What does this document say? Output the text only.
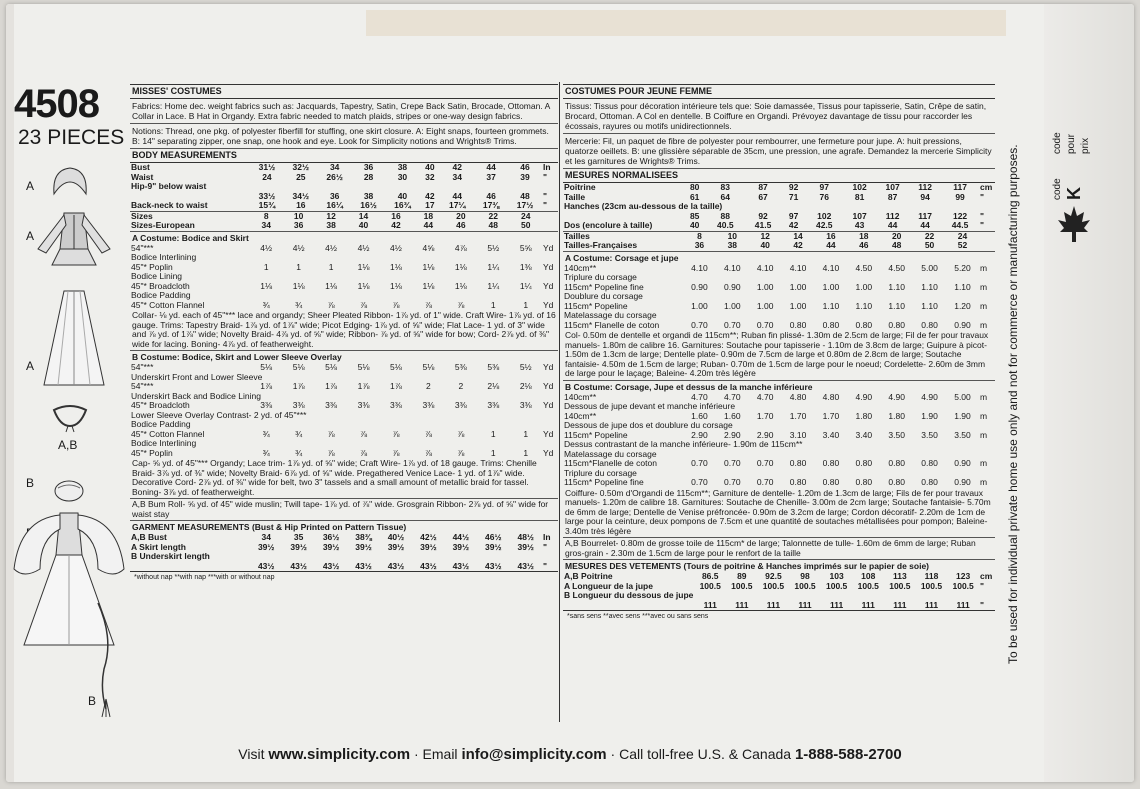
4508
23 PIECES
A
A
A
A,B
B
B
MISSES' COSTUMES
Fabrics: Home dec. weight fabrics such as: Jacquards, Tapestry, Satin, Crepe Back Satin, Brocade, Ottoman. A Collar in Lace. B Hat in Organdy. Extra fabric needed to match plaids, stripes or one-way design fabrics.
Notions: Thread, one pkg. of polyester fiberfill for stuffing, one skirt closure. A: Eight snaps, fourteen grommets. B: 14" separating zipper, one snap, one hook and eye. Look for Simplicity notions and Wrights® Trims.
BODY MEASUREMENTS
Bust	31½	32½	34	36	38	40	42	44	46	In
Waist	24	25	26½	28	30	32	34	37	39	"
Hip-9" below waist										
	33½	34½	36	38	40	42	44	46	48	"
Back-neck to waist	15¾	16	16¼	16½	16¾	17	17¼	17⅜	17½	"
Sizes	8	10	12	14	16	18	20	22	24	
Sizes-European	34	36	38	40	42	44	46	48	50	
A Costume: Bodice and Skirt
54"***	4½	4½	4½	4½	4½	4⅝	4⅞	5½	5⅝	Yd
Bodice Interlining										
45"* Poplin	1	1	1	1⅛	1⅛	1⅛	1⅛	1¼	1⅜	Yd
Bodice Lining										
45"* Broadcloth	1⅛	1⅛	1⅛	1⅛	1⅛	1⅛	1⅛	1¼	1¼	Yd
Bodice Padding										
45"* Cotton Flannel	¾	¾	⅞	⅞	⅞	⅞	⅞	1	1	Yd
Collar- ⅛ yd. each of 45"*** lace and organdy; Sheer Pleated Ribbon- 1⅞ yd. of 1" wide. Craft Wire- 1⅞ yd. of 16 gauge. Trims: Tapestry Braid- 1⅞ yd. of 1⅞" wide; Picot Edging- 1⅞ yd. of ⅝" wide; Flat Lace- 1 yd. of 3" wide and ⅞ yd. of 1⅞" wide; Novelty Braid- 4⅞ yd. of ⅝" wide; Ribbon- ⅞ yd. of ⅝" wide for bow; Cord- 2⅞ yd. of ⅜" wide for lacing. Boning- 4⅞ yd. of featherweight.
B Costume: Bodice, Skirt and Lower Sleeve Overlay
54"***	5⅛	5⅛	5⅛	5⅛	5⅛	5⅛	5⅜	5⅜	5½	Yd
Underskirt Front and Lower Sleeve										
54"***	1⅞	1⅞	1⅞	1⅞	1⅞	2	2	2⅛	2⅛	Yd
Underskirt Back and Bodice Lining										
45"* Broadcloth	3⅜	3⅜	3⅜	3⅜	3⅜	3⅜	3⅜	3⅜	3⅜	Yd
Lower Sleeve Overlay Contrast- 2 yd. of 45"***										
Bodice Padding										
45"* Cotton Flannel	¾	¾	⅞	⅞	⅞	⅞	⅞	1	1	Yd
Bodice Interlining										
45"* Poplin	¾	¾	⅞	⅞	⅞	⅞	⅞	1	1	Yd
Cap- ⅝ yd. of 45"*** Organdy; Lace trim- 1⅞ yd. of ⅝" wide; Craft Wire- 1⅞ yd. of 18 gauge. Trims: Chenille Braid- 3⅞ yd. of ⅜" wide; Novelty Braid- 6⅞ yd. of ⅝" wide. Pregathered Venice Lace- 1 yd. of 1⅞" wide. Decorative Cord- 2⅞ yd. of ⅜" wide for belt, two 3" tassels and a small amount of metallic braid for tassel. Boning- 3⅞ yd. of featherweight.
A,B Bum Roll- ⅝ yd. of 45" wide muslin; Twill tape- 1⅞ yd. of ⅞" wide. Grosgrain Ribbon- 2⅞ yd. of ⅝" wide for waist stay
GARMENT MEASUREMENTS (Bust & Hip Printed on Pattern Tissue)
A,B Bust	34	35	36½	38⅜	40½	42½	44½	46½	48½	In
A Skirt length	39½	39½	39½	39½	39½	39½	39½	39½	39½	"
B Underskirt length										
	43½	43½	43½	43½	43½	43½	43½	43½	43½	"
*without nap **with nap ***with or without nap
COSTUMES POUR JEUNE FEMME
Tissus: Tissus pour décoration intérieure tels que: Soie damassée, Tissus pour tapisserie, Satin, Crêpe de satin, Brocard, Ottoman. A Col en dentelle. B Coiffure en Organdi. Prévoyez davantage de tissu pour raccorder les écossais, rayures ou motifs unidirectionnels.
Mercerie: Fil, un paquet de fibre de polyester pour rembourrer, une fermeture pour jupe. A: huit pressions, quatorze oeillets. B: une glissière séparable de 35cm, une pression, une agrafe. Demandez la mercerie Simplicity et les garnitures de Wrights® Trims.
MESURES NORMALISEES
Poitrine	80	83	87	92	97	102	107	112	117	cm
Taille	61	64	67	71	76	81	87	94	99	"
Hanches (23cm au-dessous de la taille)										
	85	88	92	97	102	107	112	117	122	"
Dos (encolure à taille)	40	40.5	41.5	42	42.5	43	44	44	44.5	"
Tailles	8	10	12	14	16	18	20	22	24	
Tailles-Françaises	36	38	40	42	44	46	48	50	52	
A Costume: Corsage et jupe
140cm**	4.10	4.10	4.10	4.10	4.10	4.50	4.50	5.00	5.20	m
Triplure du corsage										
115cm* Popeline fine	0.90	0.90	1.00	1.00	1.00	1.00	1.10	1.10	1.10	m
Doublure du corsage										
115cm* Popeline	1.00	1.00	1.00	1.00	1.10	1.10	1.10	1.10	1.20	m
Matelassage du corsage										
115cm* Flanelle de coton	0.70	0.70	0.70	0.80	0.80	0.80	0.80	0.80	0.90	m
Col- 0.50m de dentelle et organdi de 115cm**; Ruban fin plissé- 1.30m de 2.5cm de large; Fil de fer pour travaux manuels- 1.80m de calibre 16. Garnitures: Soutache pour tapisserie - 1.10m de 3.8cm de large; Guipure à picot- 1.50m de 1.3cm de large; Dentelle plate- 0.90m de 7.5cm de large et 0.80m de 2.8cm de large; Soutache fantaisie- 4.50m de 1.5cm de large; Ruban- 0.70m de 1.5cm de large pour le noeud; Cordelette- 2.60m de 3mm de large pour le laçage; Baleine- 4.20m très légère
B Costume: Corsage, Jupe et dessus de la manche inférieure
140cm**	4.70	4.70	4.70	4.80	4.80	4.90	4.90	4.90	5.00	m
Dessous de jupe devant et manche inférieure										
140cm**	1.60	1.60	1.70	1.70	1.70	1.80	1.80	1.90	1.90	m
Dessous de jupe dos et doublure du corsage										
115cm* Popeline	2.90	2.90	2.90	3.10	3.40	3.40	3.50	3.50	3.50	m
Dessus contrastant de la manche inférieure- 1.90m de 115cm**										
Matelassage du corsage										
115cm*Flanelle de coton	0.70	0.70	0.70	0.80	0.80	0.80	0.80	0.80	0.90	m
Triplure du corsage										
115cm* Popeline fine	0.70	0.70	0.70	0.80	0.80	0.80	0.80	0.80	0.90	m
Coiffure- 0.50m d'Organdi de 115cm**; Garniture de dentelle- 1.20m de 1.3cm de large; Fils de fer pour travaux manuels- 1.20m de calibre 18. Garnitures: Soutache de Chenille- 3.00m de 2cm large; Soutache fantaisie- 5.70m de 6mm de large; Dentelle de Venise préfroncée- 0.90m de 3.2cm de large; Cordon décoratif- 2.20m de 1cm de large pour la ceinture, deux pompons de 7.5cm et une quantité de soutaches métallisées pour pompon; Baleine- 3.40m très légère
A,B Bourrelet- 0.80m de grosse toile de 115cm* de large; Talonnette de tulle- 1.60m de 6mm de large; Ruban gros-grain - 2.30m de 1.5cm de large pour le renfort de la taille
MESURES DES VETEMENTS (Tours de poitrine & Hanches imprimés sur le papier de soie)
A,B Poitrine	86.5	89	92.5	98	103	108	113	118	123	cm
A Longueur de la jupe	100.5	100.5	100.5	100.5	100.5	100.5	100.5	100.5	100.5	"
B Longueur du dessous de jupe										
	111	111	111	111	111	111	111	111	111	"
*sans sens **avec sens ***avec ou sans sens	To be used for individual private home use only and not for commerce or manufacturing purposes.
code pour prix
K
code
Visit www.simplicity.com · Email info@simplicity.com · Call toll-free U.S. & Canada 1-888-588-2700
